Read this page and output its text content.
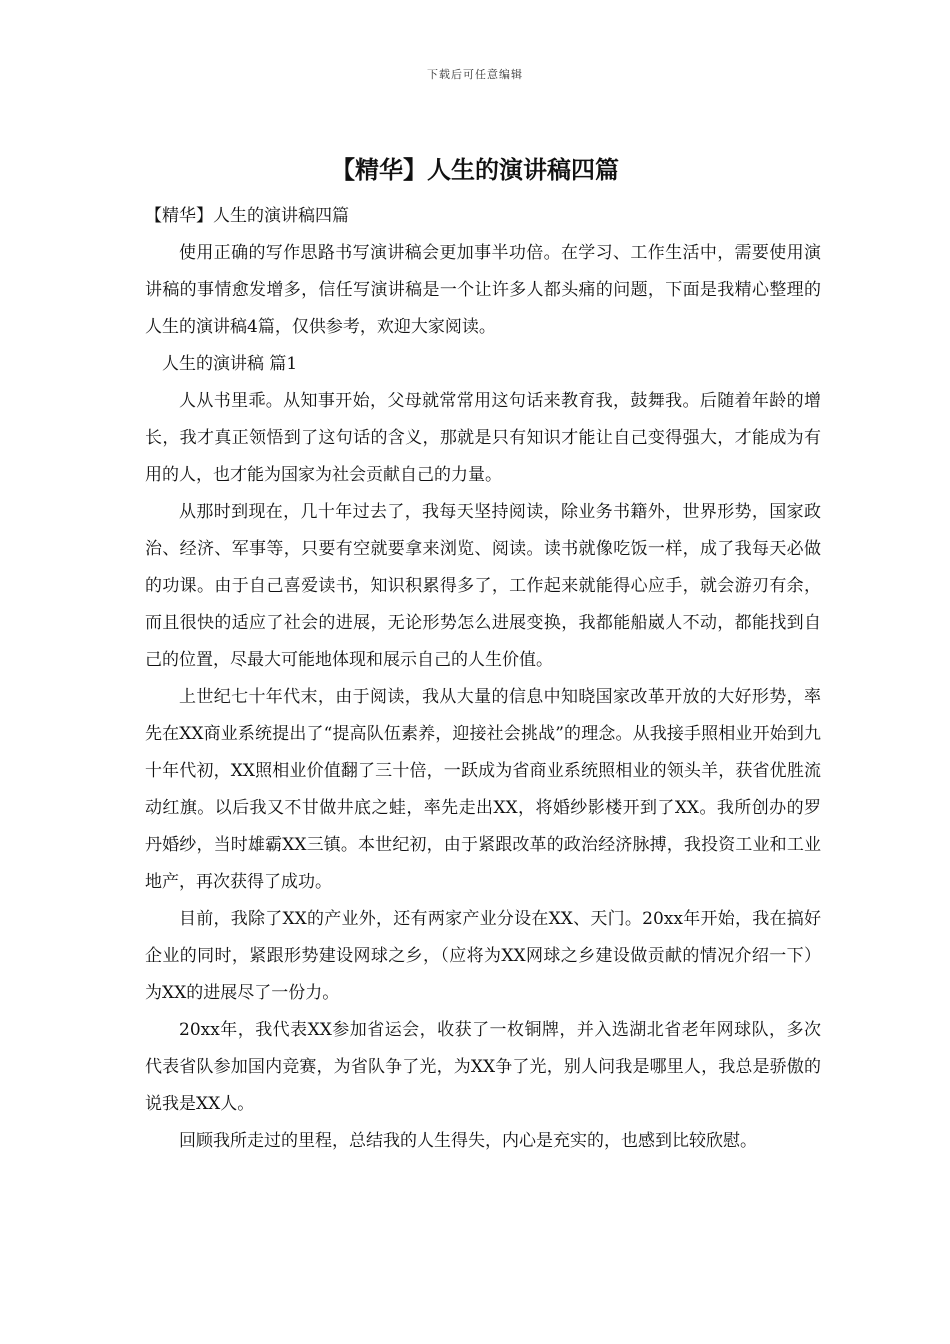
下载后可任意编辑
【精华】人生的演讲稿四篇

【精华】人生的演讲稿四篇

使用正确的写作思路书写演讲稿会更加事半功倍。在学习、工作生活中，需要使用演讲稿的事情愈发增多，信任写演讲稿是一个让许多人都头痛的问题，下面是我精心整理的人生的演讲稿4篇，仅供参考，欢迎大家阅读。

人生的演讲稿 篇1

人从书里乖。从知事开始，父母就常常用这句话来教育我，鼓舞我。后随着年龄的增长，我才真正领悟到了这句话的含义，那就是只有知识才能让自己变得强大，才能成为有用的人，也才能为国家为社会贡献自己的力量。

从那时到现在，几十年过去了，我每天坚持阅读，除业务书籍外，世界形势，国家政治、经济、军事等，只要有空就要拿来浏览、阅读。读书就像吃饭一样，成了我每天必做的功课。由于自己喜爱读书，知识积累得多了，工作起来就能得心应手，就会游刃有余，而且很快的适应了社会的进展，无论形势怎么进展变换，我都能船崴人不动，都能找到自己的位置，尽最大可能地体现和展示自己的人生价值。

上世纪七十年代末，由于阅读，我从大量的信息中知晓国家改革开放的大好形势，率先在XX商业系统提出了“提高队伍素养，迎接社会挑战”的理念。从我接手照相业开始到九十年代初，XX照相业价值翻了三十倍，一跃成为省商业系统照相业的领头羊，获省优胜流动红旗。以后我又不甘做井底之蛙，率先走出XX，将婚纱影楼开到了XX。我所创办的罗丹婚纱，当时雄霸XX三镇。本世纪初，由于紧跟改革的政治经济脉搏，我投资工业和工业地产，再次获得了成功。

目前，我除了XX的产业外，还有两家产业分设在XX、天门。20xx年开始，我在搞好企业的同时，紧跟形势建设网球之乡，（应将为XX网球之乡建设做贡献的情况介绍一下）为XX的进展尽了一份力。

20xx年，我代表XX参加省运会，收获了一枚铜牌，并入选湖北省老年网球队，多次代表省队参加国内竞赛，为省队争了光，为XX争了光，别人问我是哪里人，我总是骄傲的说我是XX人。

回顾我所走过的里程，总结我的人生得失，内心是充实的，也感到比较欣慰。
